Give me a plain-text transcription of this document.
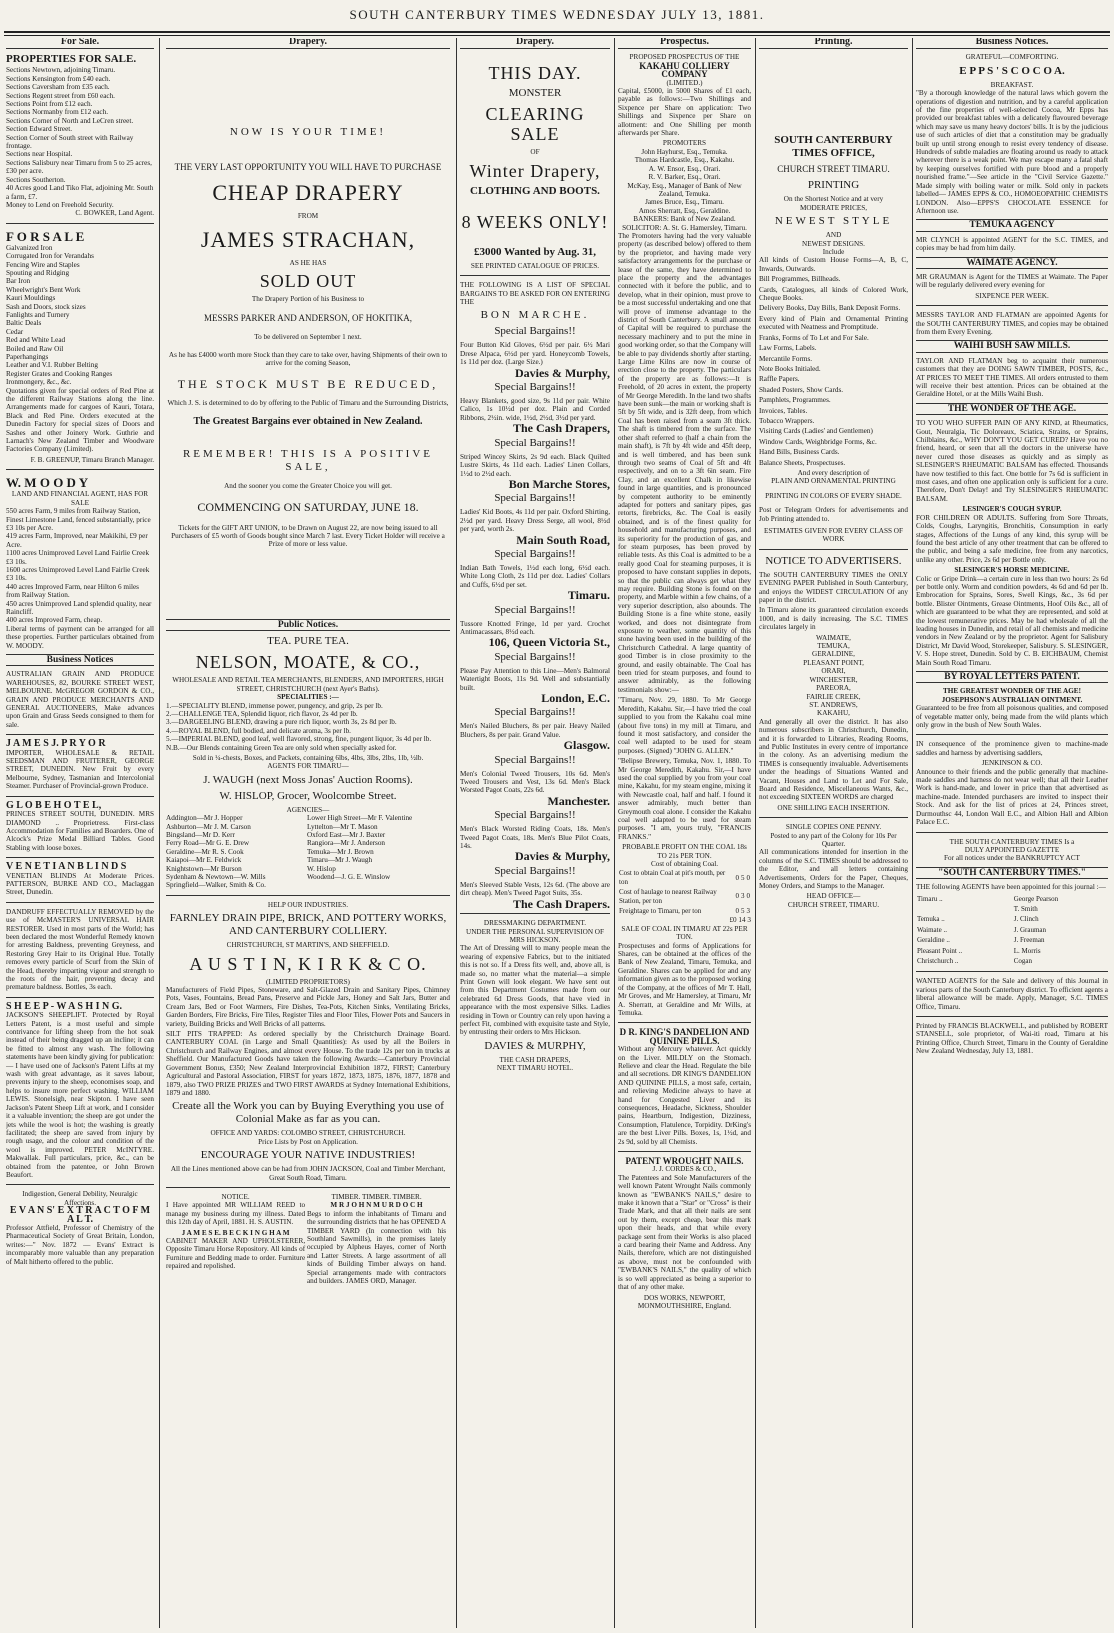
SOUTH CANTERBURY TIMES WEDNESDAY JULY 13, 1881.
For Sale.
PROPERTIES FOR SALE.
Sections Newtown, adjoining Timaru.
Sections Kensington from £40 each.
Sections Caversham from £35 each.
Sections Regent street from £60 each.
Sections Point from £12 each.
Sections Normanby from £12 each.
Sections Corner of North and LeCren street.
Section Edward Street.
Section Corner of South street with Railway frontage.
Sections near Hospital.
Sections Salisbury near Timaru from 5 to 25 acres, £30 per acre.
Sections Southerton.
40 Acres good Land Tiko Flat, adjoining Mr. South a farm, £7.
Money to Lend on Freehold Security.
C. BOWKER, Land Agent.
F O R S A L E
Galvanized Iron
Corrugated Iron for Verandahs
Fencing Wire and Staples
Spouting and Ridging
Bar Iron
Wheelwright's Bent Work
Kauri Mouldings
Sash and Doors, stock sizes
Fanlights and Turnery
Baltic Deals
Cedar
Red and White Lead
Boiled and Raw Oil
Paperhangings
Leather and V.I. Rubber Belting
Register Grates and Cooking Ranges
Ironmongery, &c., &c.
Quotations given for special orders of Red Pine at the different Railway Stations along the line. Arrangements made for cargoes of Kauri, Totara, Black and Red Pine. Orders executed at the Dunedin Factory for special sizes of Doors and Sashes and other Joinery Work. Guthrie and Larnach's New Zealand Timber and Woodware Factories Company (Limited).
F. B. GREENUP, Timaru Branch Manager.
W. M O O D Y
LAND AND FINANCIAL AGENT, HAS FOR SALE
550 acres Farm, 9 miles from Railway Station, Finest Limestone Land, fenced substantially, price £3 10s per Acre.
419 acres Farm, Improved, near Makikihi, £9 per Acre.
1100 acres Unimproved Level Land Fairlie Creek £3 10s.
1600 acres Unimproved Level Land Fairlie Creek £3 10s.
440 acres Improved Farm, near Hilton 6 miles from Railway Station.
450 acres Unimproved Land splendid quality, near Raincliff.
400 acres Improved Farm, cheap.
Liberal terms of payment can be arranged for all these properties. Further particulars obtained from W. MOODY.
Business Notices
AUSTRALIAN GRAIN AND PRODUCE WAREHOUSES, 82, BOURKE STREET WEST, MELBOURNE. McGREGOR GORDON & CO., GRAIN AND PRODUCE MERCHANTS AND GENERAL AUCTIONEERS, Make advances upon Grain and Grass Seeds consigned to them for sale.
J A M E S J. P R Y O R
IMPORTER, WHOLESALE & RETAIL SEEDSMAN AND FRUITERER, GEORGE STREET, DUNEDIN. New Fruit by every Melbourne, Sydney, Tasmanian and Intercolonial Steamer. Purchaser of Provincial-grown Produce.
G L O B E H O T E L,
PRINCES STREET SOUTH, DUNEDIN. MRS DIAMOND .. Proprietress. First-class Accommodation for Families and Boarders. One of Alcock's Prize Medal Billiard Tables. Good Stabling with loose boxes.
V E N E T I A N B L I N D S
VENETIAN BLINDS At Moderate Prices. PATTERSON, BURKE AND CO., Maclaggan Street, Dunedin.
DANDRUFF EFFECTUALLY REMOVED by the use of McMASTER'S UNIVERSAL HAIR RESTORER. Used in most parts of the World; has been declared the most Wonderful Remedy known for arresting Baldness, preventing Greyness, and Restoring Grey Hair to its Original Hue. Totally removes every particle of Scurf from the Skin of the Head, thereby imparting vigour and strength to the roots of the hair, preventing decay and premature baldness. Bottles, 3s each.
S H E E P - W A S H I N G.
JACKSON'S SHEEPLIFT. Protected by Royal Letters Patent, is a most useful and simple contrivance for lifting sheep from the hot soak instead of their being dragged up an incline; it can be fitted to almost any wash. The following statements have been kindly giving for publication:— I have used one of Jackson's Patent Lifts at my wash with great advantage, as it saves labour, prevents injury to the sheep, economises soap, and helps to insure more perfect washing. WILLIAM LEWIS. Stonelsigh, near Skipton. I have seen Jackson's Patent Sheep Lift at work, and I consider it a valuable invention; the sheep are got under the jets while the wool is hot; the washing is greatly facilitated; the sheep are saved from injury by rough usage, and the colour and condition of the wool is improved. PETER McINTYRE. Makwallak. Full particulars, price, &c., can be obtained from the patentee, or John Brown Beaufort.
Indigestion, General Debility, Neuralgic Affections.
E V A N S' E X T R A C T O F M A L T.
Professor Attfield, Professor of Chemistry of the Pharmaceutical Society of Great Britain, London, writes:—" Nov. 1872 — Evans' Extract is incomparably more valuable than any preparation of Malt hitherto offered to the public.
Drapery.
NOW IS YOUR TIME!
THE VERY LAST OPPORTUNITY YOU WILL HAVE TO PURCHASE
CHEAP DRAPERY
FROM
JAMES STRACHAN,
AS HE HAS
SOLD OUT
The Drapery Portion of his Business to
MESSRS PARKER AND ANDERSON, OF HOKITIKA,
To be delivered on September 1 next.
As he has £4000 worth more Stock than they care to take over, having Shipments of their own to arrive for the coming Season,
THE STOCK MUST BE REDUCED,
Which J. S. is determined to do by offering to the Public of Timaru and the Surrounding Districts,
The Greatest Bargains ever obtained in New Zealand.
REMEMBER! THIS IS A POSITIVE SALE,
And the sooner you come the Greater Choice you will get.
COMMENCING ON SATURDAY, JUNE 18.
Tickets for the GIFT ART UNION, to be Drawn on August 22, are now being issued to all Purchasers of £5 worth of Goods bought since March 7 last. Every Ticket Holder will receive a Prize of more or less value.
Public Notices.
TEA. PURE TEA.
NELSON, MOATE, & CO.,
WHOLESALE AND RETAIL TEA MERCHANTS, BLENDERS, AND IMPORTERS, HIGH STREET, CHRISTCHURCH (next Ayer's Baths).
SPECIALITIES :—
1.—SPECIALITY BLEND, immense power, pungency, and grip, 2s per lb.
2.—CHALLENGE TEA, Splendid liquor, rich flavor, 2s 4d per lb.
3.—DARGEELING BLEND, drawing a pure rich liquor, worth 3s, 2s 8d per lb.
4.—ROYAL BLEND, full bodied, and delicate aroma, 3s per lb.
5.—IMPERIAL BLEND, good leaf, well flavored, strong, fine, pungent liquor, 3s 4d per lb.
N.B.—Our Blends containing Green Tea are only sold when specially asked for.
Sold in ¼-chests, Boxes, and Packets, containing 6lbs, 4lbs, 3lbs, 2lbs, 1lb, ½lb.
AGENTS FOR TIMARU—
J. WAUGH (next Moss Jonas' Auction Rooms).
W. HISLOP, Grocer, Woolcombe Street.
AGENCIES—
Addington—Mr J. Hopper
Ashburton—Mr J. M. Carson
Bingsland—Mr D. Kerr
Ferry Road—Mr G. E. Drew
Geraldine—Mr R. S. Cook
Kaiapoi—Mr E. Feldwick
Knightstown—Mr Burson
Sydenham & Newtown—W. Mills
Springfield—Walker, Smith & Co.

Lower High Street—Mr F. Valentine
Lyttelton—Mr T. Mason
Oxford East—Mr J. Baxter
Rangiora—Mr J. Anderson
Temuka—Mr J. Brown
Timaru—Mr J. Waugh
W. Hislop
Woodend—J. G. E. Winslow
HELP OUR INDUSTRIES.
FARNLEY DRAIN PIPE, BRICK, AND POTTERY WORKS, AND CANTERBURY COLLIERY.
CHRISTCHURCH, ST MARTIN'S, AND SHEFFIELD.
A U S T I N, K I R K & C O.
(LIMITED PROPRIETORS)
Manufacturers of Field Pipes, Stoneware, and Salt-Glazed Drain and Sanitary Pipes, Chimney Pots, Vases, Fountains, Bread Pans, Preserve and Pickle Jars, Honey and Salt Jars, Butter and Cream Jars, Bed or Foot Warmers, Fire Dishes, Tea-Pots, Kitchen Sinks, Ventilating Bricks, Garden Borders, Fire Bricks, Fire Tiles, Register Tiles and Floor Tiles, Flower Pots and Saucers in variety, Building Bricks and Well Bricks of all patterns.
SILT PITS TRAPPED: As ordered specially by the Christchurch Drainage Board. CANTERBURY COAL (in Large and Small Quantities): As used by all the Boilers in Christchurch and Railway Engines, and almost every House. To the trade 12s per ton in trucks at Sheffield. Our Manufactured Goods have taken the following Awards:—Canterbury Provincial Government Bonus, £350; New Zealand Interprovincial Exhibition 1872, FIRST; Canterbury Agricultural and Pastoral Association, FIRST for years 1872, 1873, 1875, 1876, 1877, 1878 and 1879, also TWO PRIZE PRIZES and TWO FIRST AWARDS at Sydney International Exhibitions, 1879 and 1880.
Create all the Work you can by Buying Everything you use of Colonial Make as far as you can.
OFFICE AND YARDS: COLOMBO STREET, CHRISTCHURCH.
Price Lists by Post on Application.
ENCOURAGE YOUR NATIVE INDUSTRIES!
All the Lines mentioned above can be had from JOHN JACKSON, Coal and Timber Merchant, Great South Road, Timaru.
NOTICE.
I Have appointed MR WILLIAM REED to manage my business during my illness. Dated this 12th day of April, 1881. H. S. AUSTIN.
J A M E S E. B E C K I N G H A M
CABINET MAKER AND UPHOLSTERER, Opposite Timaru Horse Repository. All kinds of Furniture and Bedding made to order. Furniture repaired and repolished.

TIMBER. TIMBER. TIMBER.
M R J O H N M U R D O C H
Begs to inform the inhabitants of Timaru and the surrounding districts that he has OPENED A TIMBER YARD (In connection with his Southland Sawmills), in the premises lately occupied by Alpheus Hayes, corner of North and Latter Streets. A large assortment of all kinds of Building Timber always on hand. Special arrangements made with contractors and builders. JAMES ORD, Manager.
Drapery.
THIS DAY.
MONSTER
CLEARING SALE
OF
Winter Drapery,
CLOTHING AND BOOTS.
8 WEEKS ONLY!
£3000 Wanted by Aug. 31,
SEE PRINTED CATALOGUE OF PRICES.
THE FOLLOWING IS A LIST OF SPECIAL BARGAINS TO BE ASKED FOR ON ENTERING THE
BON MARCHE.
Special Bargains!!
Four Button Kid Gloves, 6½d per pair. 6½ Mari Drese Alpaca, 6½d per yard. Honeycomb Towels, 1s 11d per doz. (Large Size.)
Davies & Murphy,
Special Bargains!!
Heavy Blankets, good size, 9s 11d per pair. White Calico, 1s 10½d per doz. Plain and Corded Ribbons, 2½in. wide, 1½d, 2½d, 3½d per yard.
The Cash Drapers,
Special Bargains!!
Striped Wincey Skirts, 2s 9d each. Black Quilted Lustre Skirts, 4s 11d each. Ladies' Linen Collars, 1½d to 2½d each.
Bon Marche Stores,
Special Bargains!!
Ladies' Kid Boots, 4s 11d per pair. Oxford Shirting, 2½d per yard. Heavy Dress Serge, all wool, 8½d per yard, worth 2s.
Main South Road,
Special Bargains!!
Indian Bath Towels, 1½d each long, 6½d each. White Long Cloth, 2s 11d per doz. Ladies' Collars and Cuffs, 6½d per set.
Timaru.
Special Bargains!!
Tussore Knotted Fringe, 1d per yard. Crochet Antimacassars, 8½d each.
106, Queen Victoria St.,
Special Bargains!!
Please Pay Attention to this Line—Men's Balmoral Watertight Boots, 11s 9d. Well and substantially built.
London, E.C.
Special Bargains!!
Men's Nailed Bluchers, 8s per pair. Heavy Nailed Bluchers, 8s per pair. Grand Value.
Glasgow.
Special Bargains!!
Men's Colonial Tweed Trousers, 10s 6d. Men's Tweed Trousers and Vest, 13s 6d. Men's Black Worsted Pagot Coats, 22s 6d.
Manchester.
Special Bargains!!
Men's Black Worsted Riding Coats, 18s. Men's Tweed Pagot Coats, 18s. Men's Blue Pilot Coats, 14s.
Davies & Murphy,
Special Bargains!!
Men's Sleeved Stable Vests, 12s 6d. (The above are dirt cheap). Men's Tweed Pagot Suits, 35s.
The Cash Drapers.
DRESSMAKING DEPARTMENT.
UNDER THE PERSONAL SUPERVISION OF MRS HICKSON.
The Art of Dressing will to many people mean the wearing of expensive Fabrics, but to the initiated this is not so. If a Dress fits well, and, above all, is made so, no matter what the material—a simple Print Gown will look elegant. We have sent out from this Department Costumes made from our celebrated 6d Dress Goods, that have vied in appearance with the most expensive Silks. Ladies residing in Town or Country can rely upon having a perfect Fit, combined with exquisite taste and Style, by entrusting their orders to Mrs Hickson.
DAVIES & MURPHY,
THE CASH DRAPERS,
NEXT TIMARU HOTEL.
Prospectus.
PROPOSED PROSPECTUS OF THE
KAKAHU COLLIERY COMPANY
(LIMITED.)
Capital, £5000, in 5000 Shares of £1 each, payable as follows:—Two Shillings and Sixpence per Share on application: Two Shillings and Sixpence per Share on allotment: and One Shilling per month afterwards per Share.
PROMOTERS
John Hayhurst, Esq., Temuka.
Thomas Hardcastle, Esq., Kakahu.
A. W. Ensor, Esq., Orari.
R. V. Barker, Esq., Orari.
McKay, Esq., Manager of Bank of New Zealand, Temuka.
James Bruce, Esq., Timaru.
Amos Sherratt, Esq., Geraldine.
BANKERS: Bank of New Zealand.
SOLICITOR: A. St. G. Hamersley, Timaru.
The Promoters having had the very valuable property (as described below) offered to them by the proprietor, and having made very satisfactory arrangements for the purchase or lease of the same, they have determined to place the property and the advantages connected with it before the public, and to develop, what in their opinion, must prove to be a most successful undertaking and one that will prove of immense advantage to the district of South Canterbury. A small amount of Capital will be required to purchase the necessary machinery and to put the mine in good working order, so that the Company will be able to pay dividends shortly after starting. Large Lime Kilns are now in course of erection close to the property. The particulars of the property are as follows:—It is Freehold, of 20 acres in extent, the property of Mr George Meredith. In the land two shafts have been sunk—the main or working shaft is 5ft by 5ft wide, and is 32ft deep, from which Coal has been raised from a seam 3ft thick. The shaft is timbered from the surface. The other shaft referred to (half a chain from the main shaft), is 7ft by 4ft wide and 45ft deep, and is well timbered, and has been sunk through two seams of Coal of 5ft and 4ft respectively, and on to a 3ft 6in seam. Fire Clay, and an excellent Chalk in likewise found in large quantities, and is pronounced by competent authority to be eminently adapted for potters and sanitary pipes, gas retorts, firebricks, &c. The Coal is easily obtained, and is of the finest quality for household and manufacturing purposes, and its superiority for the production of gas, and for steam purposes, has been proved by reliable tests. As this Coal is admitted to be a really good Coal for steaming purposes, it is proposed to have constant supplies in depots, so that the public can always get what they may require. Building Stone is found on the property, and Marble within a few chains, of a very superior description, also abounds. The Building Stone is a fine white stone, easily worked, and does not disintegrate from exposure to weather, some quantity of this stone having been used in the building of the Christchurch Cathedral. A large quantity of good Timber is in close proximity to the ground, and easily obtainable. The Coal has been tried for steam purposes, and found to answer admirably, as the following testimonials show:—
"Timaru, Nov. 29, 1880. To Mr George Meredith, Kakahu. Sir,—I have tried the coal supplied to you from the Kakahu coal mine (about five tons) in my mill at Timaru, and found it most satisfactory, and consider the coal well adapted to be used for steam purposes. (Signed) "JOHN G. ALLEN."
"Belipse Brewery, Temuka, Nov. 1, 1880. To Mr George Meredith, Kakahu. Sir,—I have used the coal supplied by you from your coal mine, Kakahu, for my steam engine, mixing it with Newcastle coal, half and half. I found it answer admirably, much better than Greymouth coal alone. I consider the Kakahu coal well adapted to be used for steam purposes. "I am, yours truly, "FRANCIS FRANKS."
PROBABLE PROFIT ON THE COAL 18s TO 21s PER TON.
Cost of obtaining Coal.
Cost to obtain Coal at pit's mouth, per ton	0	5	0
Cost of haulage to nearest Railway Station, per ton	0	3	0
Freightage to Timaru, per ton	0	5	3
£0 14 3
SALE OF COAL IN TIMARU AT 22s PER TON.
Prospectuses and forms of Applications for Shares, can be obtained at the offices of the Bank of New Zealand, Timaru, Temuka, and Geraldine. Shares can be applied for and any information given as to the proposed working of the Company, at the offices of Mr T. Hall, Mr Groves, and Mr Hamersley, at Timaru, Mr A. Sherratt, at Geraldine and Mr Wills, at Temuka.
D R. KING'S DANDELION AND QUININE PILLS.
Without any Mercury whatever. Act quickly on the Liver. MILDLY on the Stomach. Relieve and clear the Head. Regulate the bile and all secretions. DR KING'S DANDELION AND QUININE PILLS, a most safe, certain, and relieving Medicine always to have at hand for Congested Liver and its consequences, Headache, Sickness, Shoulder pains, Heartburn, Indigestion, Dizziness, Consumption, Flatulence, Torpidity. DrKing's are the best Liver Pills. Boxes, 1s, 1½d, and 2s 9d, sold by all Chemists.
PATENT WROUGHT NAILS.
J. J. CORDES & CO.,
The Patentees and Sole Manufacturers of the well known Patent Wrought Nails commonly known as "EWBANK'S NAILS," desire to make it known that a "Star" or "Cross" is their Trade Mark, and that all their nails are sent out by them, except cheap, bear this mark upon their heads, and that while every package sent from their Works is also placed a card bearing their Name and Address. Any Nails, therefore, which are not distinguished as above, must not be confounded with "EWBANK'S NAILS," the quality of which is so well appreciated as being a superior to that of any other make.
DOS WORKS, NEWPORT, MONMOUTHSHIRE, England.
Printing.
SOUTH CANTERBURY TIMES OFFICE,
CHURCH STREET TIMARU.
PRINTING
On the Shortest Notice and at very
MODERATE PRICES,
NEWEST STYLE
AND
NEWEST DESIGNS.
Include
All kinds of Custom House Forms—A, B, C, Inwards, Outwards.
Bill Programmes, Billheads.
Cards, Catalogues, all kinds of Colored Work, Cheque Books.
Delivery Books, Day Bills, Bank Deposit Forms.
Every kind of Plain and Ornamental Printing executed with Neatness and Promptitude.
Franks, Forms of To Let and For Sale.
Law Forms, Labels.
Mercantile Forms.
Note Books Initialed.
Raffle Papers.
Shaded Posters, Show Cards.
Pamphlets, Programmes.
Invoices, Tables.
Tobacco Wrappers.
Visiting Cards (Ladies' and Gentlemen)
Window Cards, Weighbridge Forms, &c.
Hand Bills, Business Cards.
Balance Sheets, Prospectuses.
And every description of
PLAIN AND ORNAMENTAL PRINTING
PRINTING IN COLORS OF EVERY SHADE.
Post or Telegram Orders for advertisements and Job Printing attended to.
ESTIMATES GIVEN FOR EVERY CLASS OF WORK
NOTICE TO ADVERTISERS.
The SOUTH CANTERBURY TIMES the ONLY EVENING PAPER Published in South Canterbury, and enjoys the WIDEST CIRCULATION Of any paper in the district.
In Timaru alone its guaranteed circulation exceeds 1000, and is daily increasing. The S.C. TIMES circulates largely in
WAIMATE,
TEMUKA,
GERALDINE,
PLEASANT POINT,
ORARI,
WINCHESTER,
PAREORA,
FAIRLIE CREEK,
ST. ANDREWS,
KAKAHU,
And generally all over the district. It has also numerous subscribers in Christchurch, Dunedin, and it is forwarded to Libraries, Reading Rooms, and Public Institutes in every centre of importance in the colony. As an advertising medium the TIMES is consequently invaluable. Advertisements under the headings of Situations Wanted and Vacant, Houses and Land to Let and For Sale, Board and Residence, Miscellaneous Wants, &c., not exceeding SIXTEEN WORDS are charged
ONE SHILLING EACH INSERTION.
SINGLE COPIES ONE PENNY.
Posted to any part of the Colony for 10s Per Quarter.
All communications intended for insertion in the columns of the S.C. TIMES should be addressed to the Editor, and all letters containing Advertisements, Orders for the Paper, Cheques, Money Orders, and Stamps to the Manager.
HEAD OFFICE—
CHURCH STREET, TIMARU.
Business Notices.
GRATEFUL—COMFORTING.
E P P S ' S C O C O A.
BREAKFAST.
"By a thorough knowledge of the natural laws which govern the operations of digestion and nutrition, and by a careful application of the fine properties of well-selected Cocoa, Mr Epps has provided our breakfast tables with a delicately flavoured beverage which may save us many heavy doctors' bills. It is by the judicious use of such articles of diet that a constitution may be gradually built up until strong enough to resist every tendency of disease. Hundreds of subtle maladies are floating around us ready to attack wherever there is a weak point. We may escape many a fatal shaft by keeping ourselves fortified with pure blood and a properly nourished frame."—See article in the "Civil Service Gazette." Made simply with boiling water or milk. Sold only in packets labelled— JAMES EPPS & CO., HOMOEOPATHIC CHEMISTS LONDON. Also—EPPS'S CHOCOLATE ESSENCE for Afternoon use.
TEMUKA AGENCY
MR CLYNCH is appointed AGENT for the S.C. TIMES, and copies may be had from him daily.
WAIMATE AGENCY.
MR GRAUMAN is Agent for the TIMES at Waimate. The Paper will be regularly delivered every evening for
SIXPENCE PER WEEK.
MESSRS TAYLOR AND FLATMAN are appointed Agents for the SOUTH CANTERBURY TIMES, and copies may be obtained from them Every Evening.
WAIHI BUSH SAW MILLS.
TAYLOR AND FLATMAN beg to acquaint their numerous customers that they are DOING SAWN TIMBER, POSTS, &c., AT PRICES TO MEET THE TIMES. All orders entrusted to them will receive their best attention. Prices can be obtained at the Geraldine Hotel, or at the Mills Waihi Bush.
THE WONDER OF THE AGE.
TO YOU WHO SUFFER PAIN OF ANY KIND, at Rheumatics, Gout, Neuralgia, Tic Doloreaux, Sciatica, Strains, or Sprains, Chilblains, &c., WHY DON'T YOU GET CURED? Have you no friend, heard, or seen that all the doctors in the universe have never cured those diseases as quickly and as simply as SLESINGER'S RHEUMATIC BALSAM has effected. Thousands have now testified to this fact. One bottle for 7s 6d is sufficient in most cases, and often one application only is sufficient for a cure. Therefore, Don't Delay! and Try SLESINGER'S RHEUMATIC BALSAM.
LESINGER'S COUGH SYRUP.
FOR CHILDREN OR ADULTS. Suffering from Sore Throats, Colds, Coughs, Laryngitis, Bronchitis, Consumption in early stages, Affections of the Lungs of any kind, this syrup will be found the best article of any other treatment that can be offered to the public, and being a safe medicine, free from any narcotics, unlike any other. Price, 2s 6d per Bottle only.
SLESINGER'S HORSE MEDICINE.
Colic or Gripe Drink—a certain cure in less than two hours: 2s 6d per bottle only. Worm and condition powders, 4s 6d and 6d per lb. Embrocation for Sprains, Sores, Swell Kings, &c., 3s 6d per bottle. Blister Ointments, Grease Ointments, Hoof Oils &c., all of which are guaranteed to be what they are represented, and sold at the lowest remunerative prices. May be had wholesale of all the leading houses in Dunedin, and retail of all chemists and medicine vendors in New Zealand or by the proprietor. Agent for Salisbury District, Mr David Wood, Storekeeper, Salisbury. S. SLESINGER, V. S. Hope street, Dunedin. Sold by C. B. EICHBAUM, Chemist Main South Road Timaru.
BY ROYAL LETTERS PATENT.
THE GREATEST WONDER OF THE AGE!
JOSEPHSON'S AUSTRALIAN OINTMENT.
Guaranteed to be free from all poisonous qualities, and composed of vegetable matter only, being made from the wild plants which only grow in the bush of New South Wales.
IN consequence of the prominence given to machine-made saddles and harness by advertising saddlers,
JENKINSON & CO.
Announce to their friends and the public generally that machine-made saddles and harness do not wear well; that all their Leather Work is hand-made, and lower in price than that advertised as machine-made. Intended purchasers are invited to inspect their Stock. And ask for the list of prices at 24, Princes street, Durmouthsc 44, London Wall E.C., and Albion Hall and Albion Palace E.C.
THE SOUTH CANTERBURY TIMES Is a
DULY APPOINTED GAZETTE
For all notices under the BANKRUPTCY ACT
"SOUTH CANTERBURY TIMES."
THE following AGENTS have been appointed for this journal :—
Timaru ..	George Pearson
	T. Smith
Temuka ..	J. Clinch
Waimate ..	J. Grauman
Geraldine ..	J. Freeman
Pleasant Point ..	L. Morris
Christchurch ..	Cogan
WANTED AGENTS for the Sale and delivery of this Journal in various parts of the South Canterbury district. To efficient agents a liberal allowance will be made. Apply, Manager, S.C. TIMES Office, Timaru.
Printed by FRANCIS BLACKWELL, and published by ROBERT STANSELL, sole proprietor, of Wai-iti road, Timaru at his Printing Office, Church Street, Timaru in the County of Geraldine New Zealand Wednesday, July 13, 1881.
